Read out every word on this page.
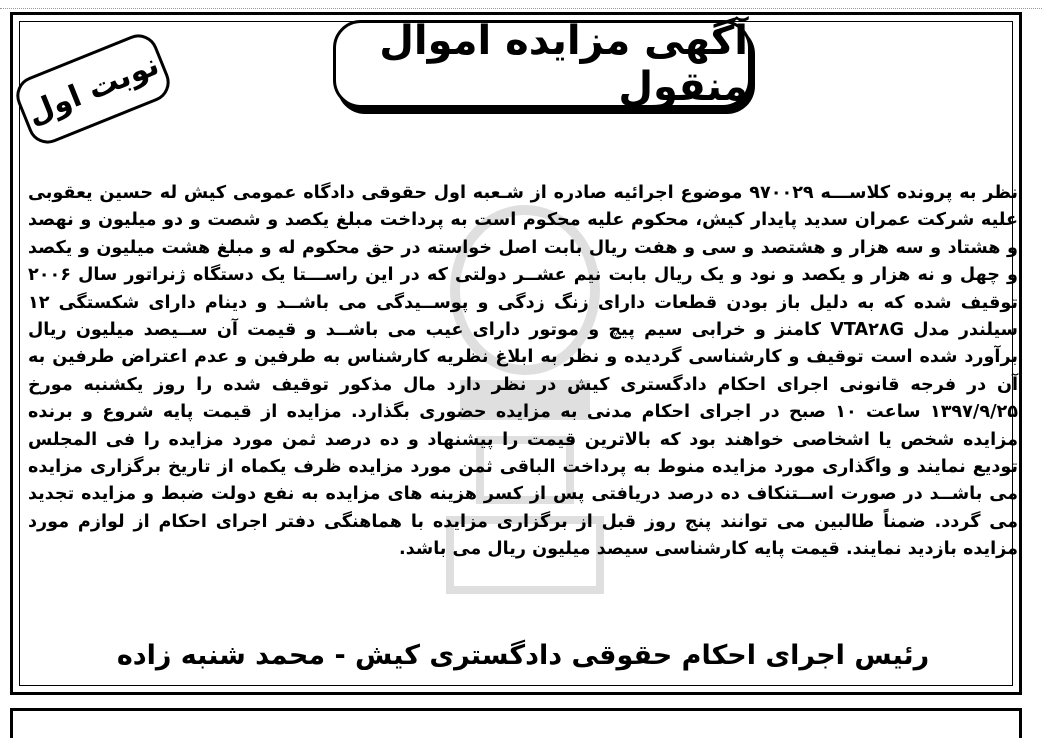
آگهی مزایده اموال منقول
نوبت اول

نظر به پرونده کلاســـه ۹۷۰۰۲۹ موضوع اجرائیه صادره از شـعبه اول حقوقی دادگاه عمومی کیش له حسین یعقوبی علیه شرکت عمران سدید پایدار کیش، محکوم علیه محکوم است به پرداخت مبلغ یکصد و شصت و دو میلیون و نهصد و هشتاد و سه هزار و هشتصد و سی و هفت ریال بابت اصل خواسته در حق محکوم له و مبلغ هشت میلیون و یکصد و چهل و نه هزار و یکصد و نود و یک ریال بابت نیم عشــر دولتی که در این راســـتا یک دستگاه ژنراتور سال ۲۰۰۶ توقیف شده که به دلیل باز بودن قطعات دارای زنگ زدگی و پوســیدگی می باشــد و دینام دارای شکستگی ۱۲ سیلندر مدل VTA۲۸G کامنز و خرابی سیم پیچ و موتور دارای عیب می باشــد و قیمت آن ســیصد میلیون ریال برآورد شده است توقیف و کارشناسی گردیده و نظر به ابلاغ نظریه کارشناس به طرفین و عدم اعتراض طرفین به آن در فرجه قانونی اجرای احکام دادگستری کیش در نظر دارد مال مذکور توقیف شده را روز یکشنبه مورخ ۱۳۹۷/۹/۲۵ ساعت ۱۰ صبح در اجرای احکام مدنی به مزایده حضوری بگذارد. مزایده از قیمت پایه شروع و برنده مزایده شخص یا اشخاصی خواهند بود که بالاترین قیمت را پیشنهاد و ده درصد ثمن مورد مزایده را فی المجلس تودیع نمایند و واگذاری مورد مزایده منوط به پرداخت الباقی ثمن مورد مزایده ظرف یکماه از تاریخ برگزاری مزایده می باشــد در صورت اســتنکاف ده درصد دریافتی پس از کسر هزینه های مزایده به نفع دولت ضبط و مزایده تجدید می گردد. ضمناً طالبین می توانند پنج روز قبل از برگزاری مزایده با هماهنگی دفتر اجرای احکام از لوازم مورد مزایده بازدید نمایند. قیمت پایه کارشناسی سیصد میلیون ریال می باشد.

رئیس اجرای احکام حقوقی دادگستری کیش - محمد شنبه زاده
